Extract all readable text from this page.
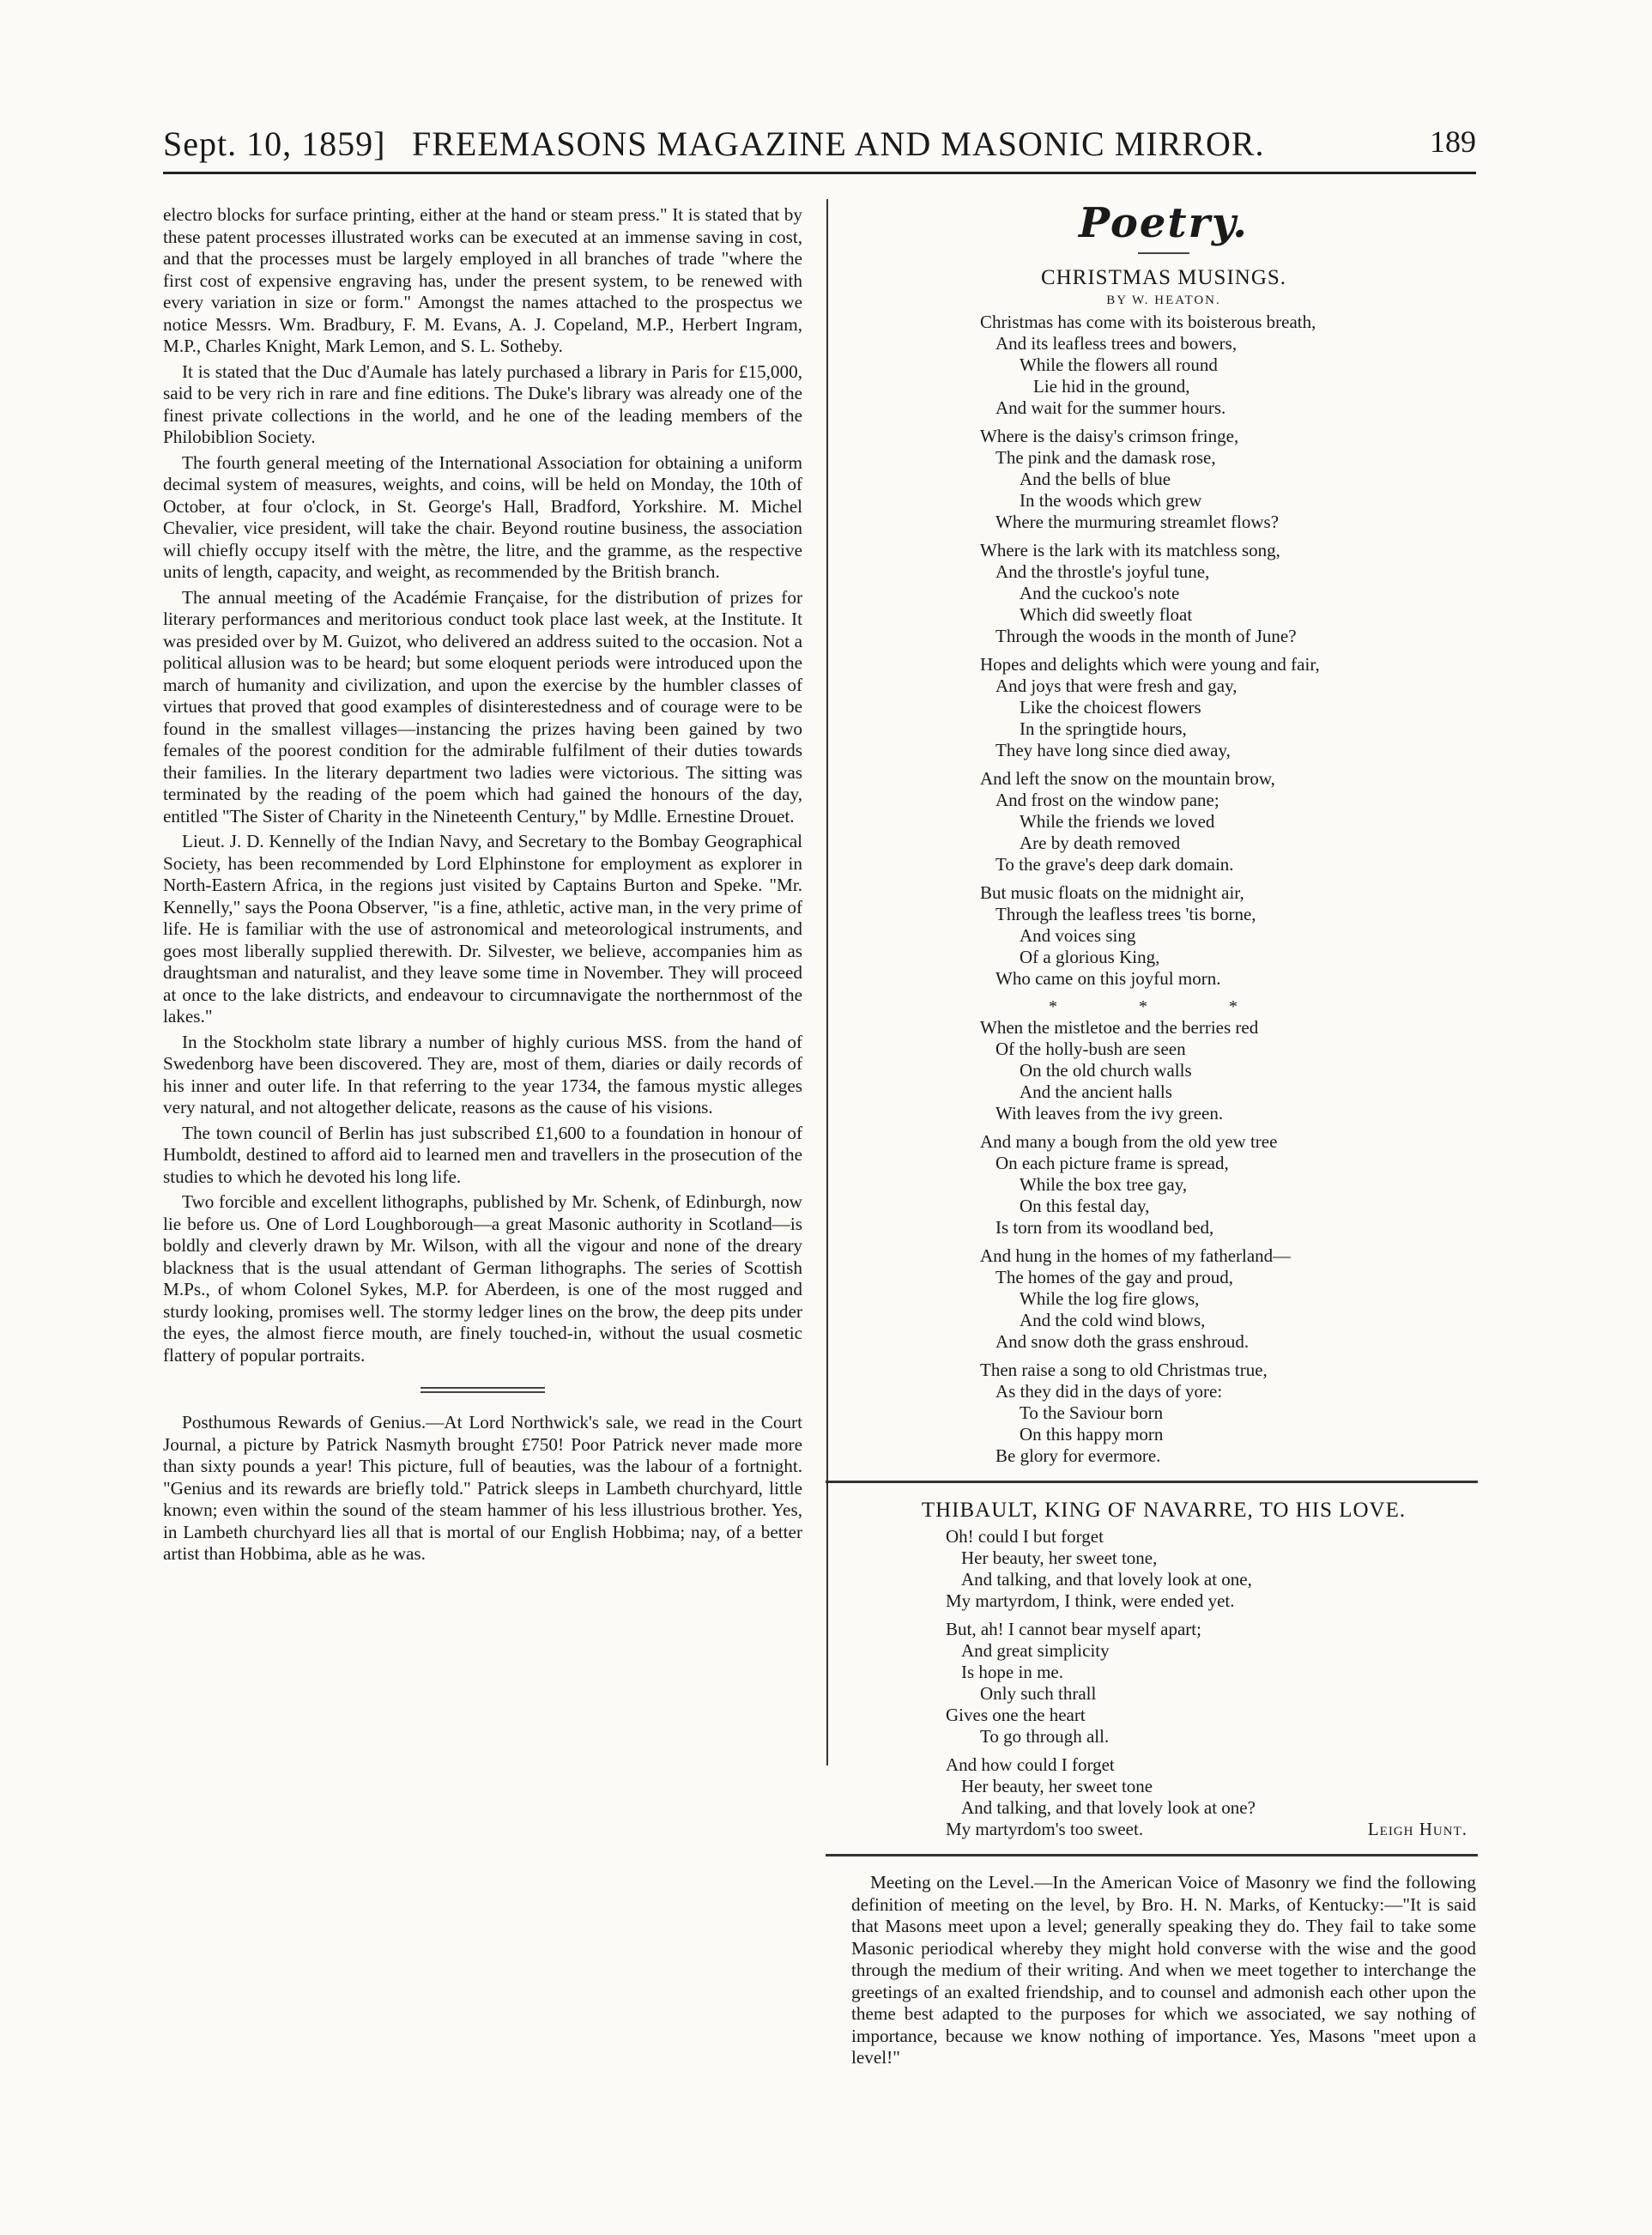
Sept. 10, 1859] FREEMASONS MAGAZINE AND MASONIC MIRROR.	189

electro blocks for surface printing, either at the hand or steam press." It is stated that by these patent processes illustrated works can be executed at an immense saving in cost, and that the processes must be largely employed in all branches of trade "where the first cost of expensive engraving has, under the present system, to be renewed with every variation in size or form." Amongst the names attached to the prospectus we notice Messrs. Wm. Bradbury, F. M. Evans, A. J. Copeland, M.P., Herbert Ingram, M.P., Charles Knight, Mark Lemon, and S. L. Sotheby.

It is stated that the Duc d'Aumale has lately purchased a library in Paris for £15,000, said to be very rich in rare and fine editions. The Duke's library was already one of the finest private collections in the world, and he one of the leading members of the Philobiblion Society.

The fourth general meeting of the International Association for obtaining a uniform decimal system of measures, weights, and coins, will be held on Monday, the 10th of October, at four o'clock, in St. George's Hall, Bradford, Yorkshire. M. Michel Chevalier, vice president, will take the chair. Beyond routine business, the association will chiefly occupy itself with the mètre, the litre, and the gramme, as the respective units of length, capacity, and weight, as recommended by the British branch.

The annual meeting of the Académie Française, for the distribution of prizes for literary performances and meritorious conduct took place last week, at the Institute. It was presided over by M. Guizot, who delivered an address suited to the occasion. Not a political allusion was to be heard; but some eloquent periods were introduced upon the march of humanity and civilization, and upon the exercise by the humbler classes of virtues that proved that good examples of disinterestedness and of courage were to be found in the smallest villages—instancing the prizes having been gained by two females of the poorest condition for the admirable fulfilment of their duties towards their families. In the literary department two ladies were victorious. The sitting was terminated by the reading of the poem which had gained the honours of the day, entitled "The Sister of Charity in the Nineteenth Century," by Mdlle. Ernestine Drouet.

Lieut. J. D. Kennelly of the Indian Navy, and Secretary to the Bombay Geographical Society, has been recommended by Lord Elphinstone for employment as explorer in North-Eastern Africa, in the regions just visited by Captains Burton and Speke. "Mr. Kennelly," says the Poona Observer, "is a fine, athletic, active man, in the very prime of life. He is familiar with the use of astronomical and meteorological instruments, and goes most liberally supplied therewith. Dr. Silvester, we believe, accompanies him as draughtsman and naturalist, and they leave some time in November. They will proceed at once to the lake districts, and endeavour to circumnavigate the northernmost of the lakes."

In the Stockholm state library a number of highly curious MSS. from the hand of Swedenborg have been discovered. They are, most of them, diaries or daily records of his inner and outer life. In that referring to the year 1734, the famous mystic alleges very natural, and not altogether delicate, reasons as the cause of his visions.

The town council of Berlin has just subscribed £1,600 to a foundation in honour of Humboldt, destined to afford aid to learned men and travellers in the prosecution of the studies to which he devoted his long life.

Two forcible and excellent lithographs, published by Mr. Schenk, of Edinburgh, now lie before us. One of Lord Loughborough—a great Masonic authority in Scotland—is boldly and cleverly drawn by Mr. Wilson, with all the vigour and none of the dreary blackness that is the usual attendant of German lithographs. The series of Scottish M.Ps., of whom Colonel Sykes, M.P. for Aberdeen, is one of the most rugged and sturdy looking, promises well. The stormy ledger lines on the brow, the deep pits under the eyes, the almost fierce mouth, are finely touched-in, without the usual cosmetic flattery of popular portraits.

Posthumous Rewards of Genius.—At Lord Northwick's sale, we read in the Court Journal, a picture by Patrick Nasmyth brought £750! Poor Patrick never made more than sixty pounds a year! This picture, full of beauties, was the labour of a fortnight. "Genius and its rewards are briefly told." Patrick sleeps in Lambeth churchyard, little known; even within the sound of the steam hammer of his less illustrious brother. Yes, in Lambeth churchyard lies all that is mortal of our English Hobbima; nay, of a better artist than Hobbima, able as he was.

Poetry.
CHRISTMAS MUSINGS.
BY W. HEATON.
Christmas has come with its boisterous breath,
And its leafless trees and bowers,
While the flowers all round
Lie hid in the ground,
And wait for the summer hours.
Where is the daisy's crimson fringe,
The pink and the damask rose,
And the bells of blue
In the woods which grew
Where the murmuring streamlet flows?
Where is the lark with its matchless song,
And the throstle's joyful tune,
And the cuckoo's note
Which did sweetly float
Through the woods in the month of June?
Hopes and delights which were young and fair,
And joys that were fresh and gay,
Like the choicest flowers
In the springtide hours,
They have long since died away,
And left the snow on the mountain brow,
And frost on the window pane;
While the friends we loved
Are by death removed
To the grave's deep dark domain.
But music floats on the midnight air,
Through the leafless trees 'tis borne,
And voices sing
Of a glorious King,
Who came on this joyful morn.
* * *
When the mistletoe and the berries red
Of the holly-bush are seen
On the old church walls
And the ancient halls
With leaves from the ivy green.
And many a bough from the old yew tree
On each picture frame is spread,
While the box tree gay,
On this festal day,
Is torn from its woodland bed,
And hung in the homes of my fatherland—
The homes of the gay and proud,
While the log fire glows,
And the cold wind blows,
And snow doth the grass enshroud.
Then raise a song to old Christmas true,
As they did in the days of yore:
To the Saviour born
On this happy morn
Be glory for evermore.
THIBAULT, KING OF NAVARRE, TO HIS LOVE.
Oh! could I but forget
Her beauty, her sweet tone,
And talking, and that lovely look at one,
My martyrdom, I think, were ended yet.
But, ah! I cannot bear myself apart;
And great simplicity
Is hope in me.
Only such thrall
Gives one the heart
To go through all.
And how could I forget
Her beauty, her sweet tone
And talking, and that lovely look at one?
My martyrdom's too sweet.	Leigh Hunt.

Meeting on the Level.—In the American Voice of Masonry we find the following definition of meeting on the level, by Bro. H. N. Marks, of Kentucky:—"It is said that Masons meet upon a level; generally speaking they do. They fail to take some Masonic periodical whereby they might hold converse with the wise and the good through the medium of their writing. And when we meet together to interchange the greetings of an exalted friendship, and to counsel and admonish each other upon the theme best adapted to the purposes for which we associated, we say nothing of importance, because we know nothing of importance. Yes, Masons "meet upon a level!"
